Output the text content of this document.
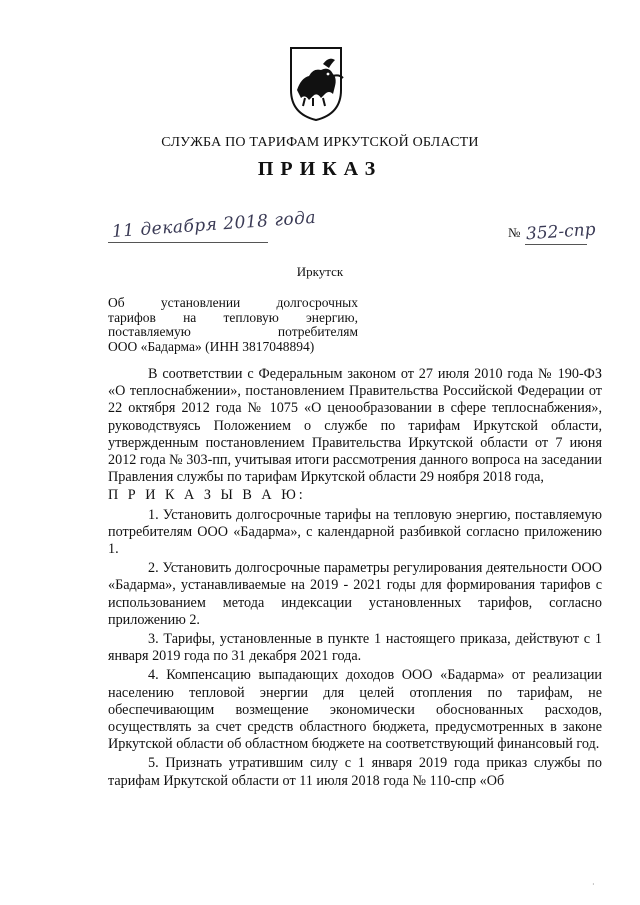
СЛУЖБА ПО ТАРИФАМ ИРКУТСКОЙ ОБЛАСТИ
ПРИКАЗ
11 декабря 2018 года	№ 352-спр
Иркутск
Об установлении долгосрочных
тарифов на тепловую энергию,
поставляемую потребителям
ООО «Бадарма» (ИНН 3817048894)

В соответствии с Федеральным законом от 27 июля 2010 года № 190-ФЗ «О теплоснабжении», постановлением Правительства Российской Федерации от 22 октября 2012 года № 1075 «О ценообразовании в сфере теплоснабжения», руководствуясь Положением о службе по тарифам Иркутской области, утвержденным постановлением Правительства Иркутской области от 7 июня 2012 года № 303-пп, учитывая итоги рассмотрения данного вопроса на заседании Правления службы по тарифам Иркутской области 29 ноября 2018 года,

П Р И К А З Ы В А Ю:

1. Установить долгосрочные тарифы на тепловую энергию, поставляемую потребителям ООО «Бадарма», с календарной разбивкой согласно приложению 1.

2. Установить долгосрочные параметры регулирования деятельности ООО «Бадарма», устанавливаемые на 2019 - 2021 годы для формирования тарифов с использованием метода индексации установленных тарифов, согласно приложению 2.

3. Тарифы, установленные в пункте 1 настоящего приказа, действуют с 1 января 2019 года по 31 декабря 2021 года.

4. Компенсацию выпадающих доходов ООО «Бадарма» от реализации населению тепловой энергии для целей отопления по тарифам, не обеспечивающим возмещение экономически обоснованных расходов, осуществлять за счет средств областного бюджета, предусмотренных в законе Иркутской области об областном бюджете на соответствующий финансовый год.

5. Признать утратившим силу с 1 января 2019 года приказ службы по тарифам Иркутской области от 11 июля 2018 года № 110-спр «Об

·
